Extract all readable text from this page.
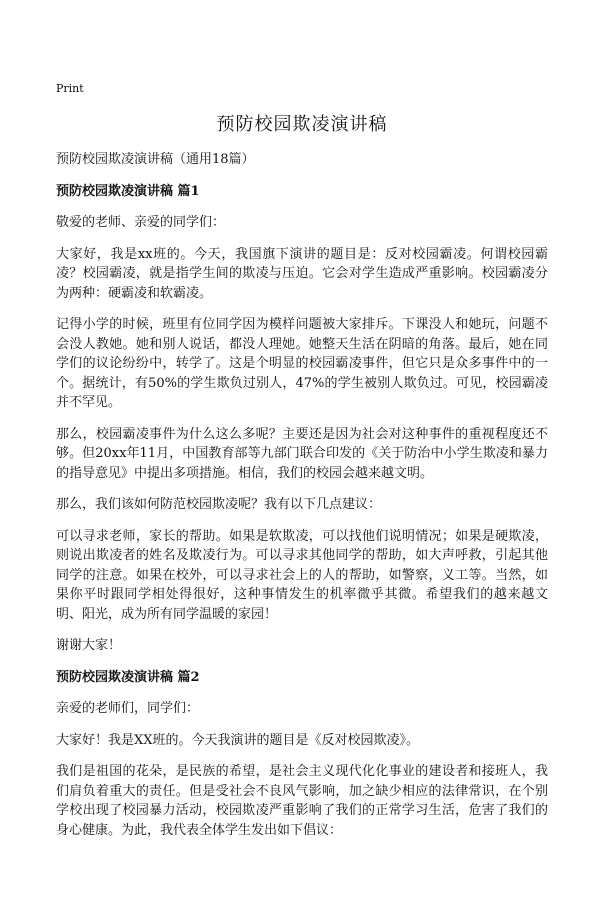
Print
预防校园欺凌演讲稿

预防校园欺凌演讲稿（通用18篇）

预防校园欺凌演讲稿 篇1

敬爱的老师、亲爱的同学们：

大家好，我是xx班的。今天，我国旗下演讲的题目是：反对校园霸凌。何谓校园霸凌？校园霸凌，就是指学生间的欺凌与压迫。它会对学生造成严重影响。校园霸凌分为两种：硬霸凌和软霸凌。

记得小学的时候，班里有位同学因为模样问题被大家排斥。下课没人和她玩，问题不会没人教她。她和别人说话，都没人理她。她整天生活在阴暗的角落。最后，她在同学们的议论纷纷中，转学了。这是个明显的校园霸凌事件，但它只是众多事件中的一个。据统计，有50%的学生欺负过别人，47%的学生被别人欺负过。可见，校园霸凌并不罕见。

那么，校园霸凌事件为什么这么多呢？主要还是因为社会对这种事件的重视程度还不够。但20xx年11月，中国教育部等九部门联合印发的《关于防治中小学生欺凌和暴力的指导意见》中提出多项措施。相信，我们的校园会越来越文明。

那么，我们该如何防范校园欺凌呢？我有以下几点建议：

可以寻求老师，家长的帮助。如果是软欺凌，可以找他们说明情况；如果是硬欺凌，则说出欺凌者的姓名及欺凌行为。可以寻求其他同学的帮助，如大声呼救，引起其他同学的注意。如果在校外，可以寻求社会上的人的帮助，如警察，义工等。当然，如果你平时跟同学相处得很好，这种事情发生的机率微乎其微。希望我们的越来越文明、阳光，成为所有同学温暖的家园！

谢谢大家！

预防校园欺凌演讲稿 篇2

亲爱的老师们，同学们：

大家好！我是XX班的。今天我演讲的题目是《反对校园欺凌》。

我们是祖国的花朵，是民族的希望，是社会主义现代化化事业的建设者和接班人，我们肩负着重大的责任。但是受社会不良风气影响，加之缺少相应的法律常识，在个别学校出现了校园暴力活动，校园欺凌严重影响了我们的正常学习生活，危害了我们的身心健康。为此，我代表全体学生发出如下倡议：
